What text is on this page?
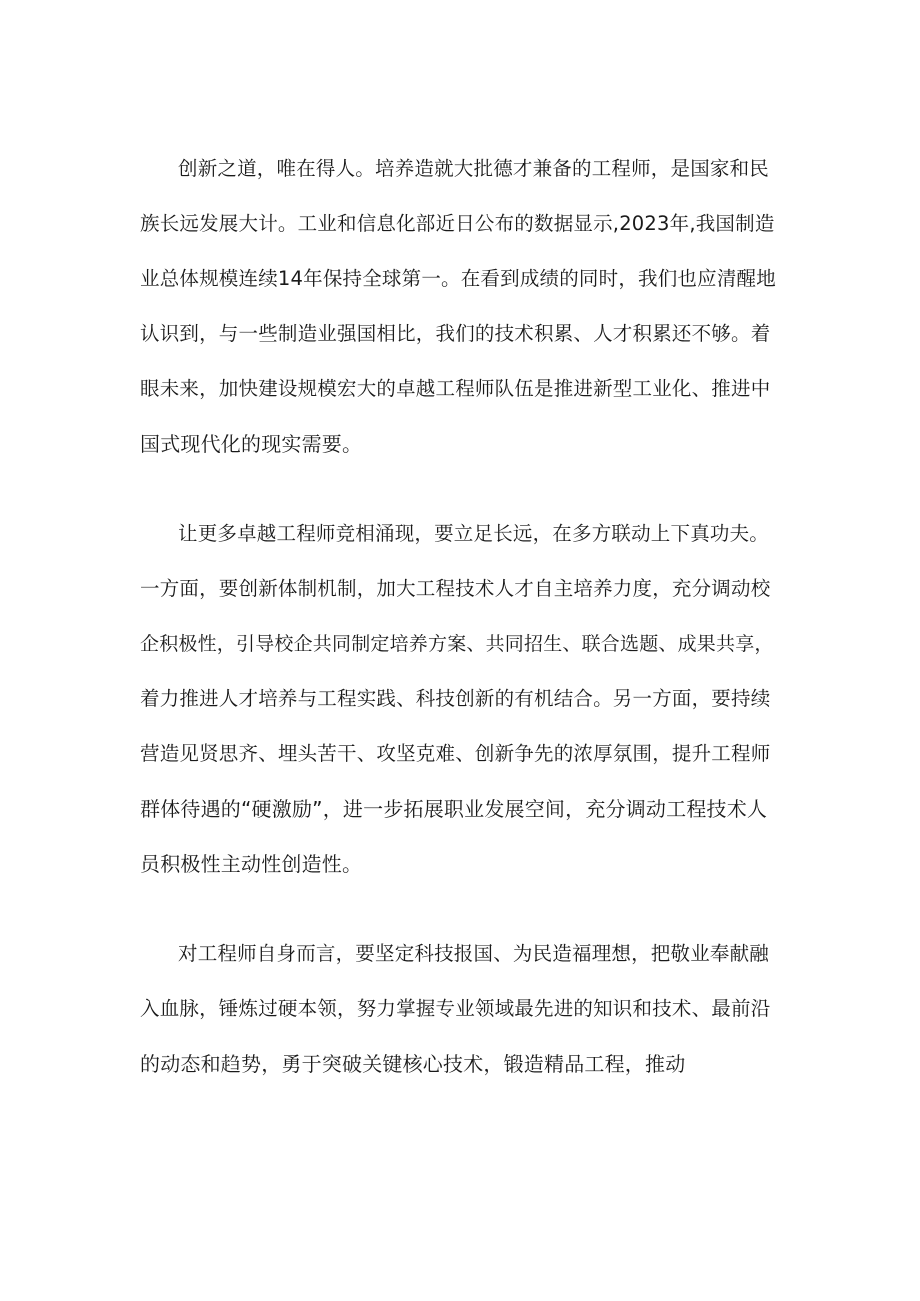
创新之道，唯在得人。培养造就大批德才兼备的工程师，是国家和民
族长远发展大计。工业和信息化部近日公布的数据显示,2023年,我国制造
业总体规模连续14年保持全球第一。在看到成绩的同时，我们也应清醒地
认识到，与一些制造业强国相比，我们的技术积累、人才积累还不够。着
眼未来，加快建设规模宏大的卓越工程师队伍是推进新型工业化、推进中
国式现代化的现实需要。
让更多卓越工程师竞相涌现，要立足长远，在多方联动上下真功夫。
一方面，要创新体制机制，加大工程技术人才自主培养力度，充分调动校
企积极性，引导校企共同制定培养方案、共同招生、联合选题、成果共享，
着力推进人才培养与工程实践、科技创新的有机结合。另一方面，要持续
营造见贤思齐、埋头苦干、攻坚克难、创新争先的浓厚氛围，提升工程师
群体待遇的“硬激励”，进一步拓展职业发展空间，充分调动工程技术人
员积极性主动性创造性。
对工程师自身而言，要坚定科技报国、为民造福理想，把敬业奉献融
入血脉，锤炼过硬本领，努力掌握专业领域最先进的知识和技术、最前沿
的动态和趋势，勇于突破关键核心技术，锻造精品工程，推动
